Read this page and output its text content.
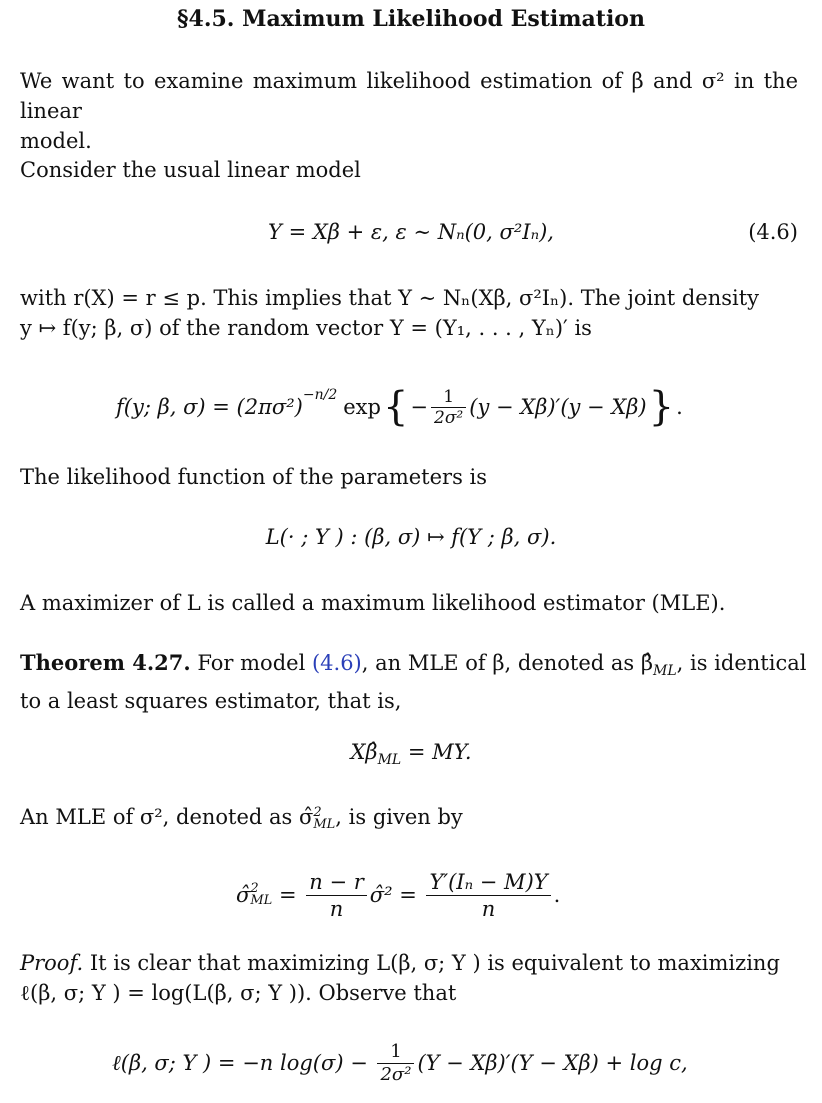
§4.5. Maximum Likelihood Estimation
We want to examine maximum likelihood estimation of β and σ² in the linear
model.
Consider the usual linear model
Y = Xβ + ε, ε ∼ Nₙ(0, σ²Iₙ),	(4.6)
with r(X) = r ≤ p. This implies that Y ∼ Nₙ(Xβ, σ²Iₙ). The joint density
y ↦ f(y; β, σ) of the random vector Y = (Y₁, . . . , Yₙ)′ is
f(y; β, $\sigma) = (2\pi\sigma^2)^{-n/2}$ exp { − 1
2σ² (y − Xβ)′(y − Xβ) } .
The likelihood function of the parameters is
L(· ; Y ) : (β, σ) ↦ f(Y ; β, σ).
A maximizer of L is called a maximum likelihood estimator (MLE).
Theorem 4.27. For model (4.6), an MLE of β, denoted as $\betâ_{ML}$, is identical
to a least squares estimator, that is,
$X\betâ_{ML}$ = MY.
An MLE of σ², denoted as σ̂ 2
ML , is given by
σ̂ 2
ML =
n − r
n
σ̂² =
Y′(Iₙ − M)Y
n
.
Proof. It is clear that maximizing L(β, σ; Y ) is equivalent to maximizing
ℓ(β, σ; Y ) = log(L(β, σ; Y )). Observe that
ℓ(β, σ; Y ) = −n log(σ) − 1
2σ² (Y − Xβ)′(Y − Xβ) + log c,
